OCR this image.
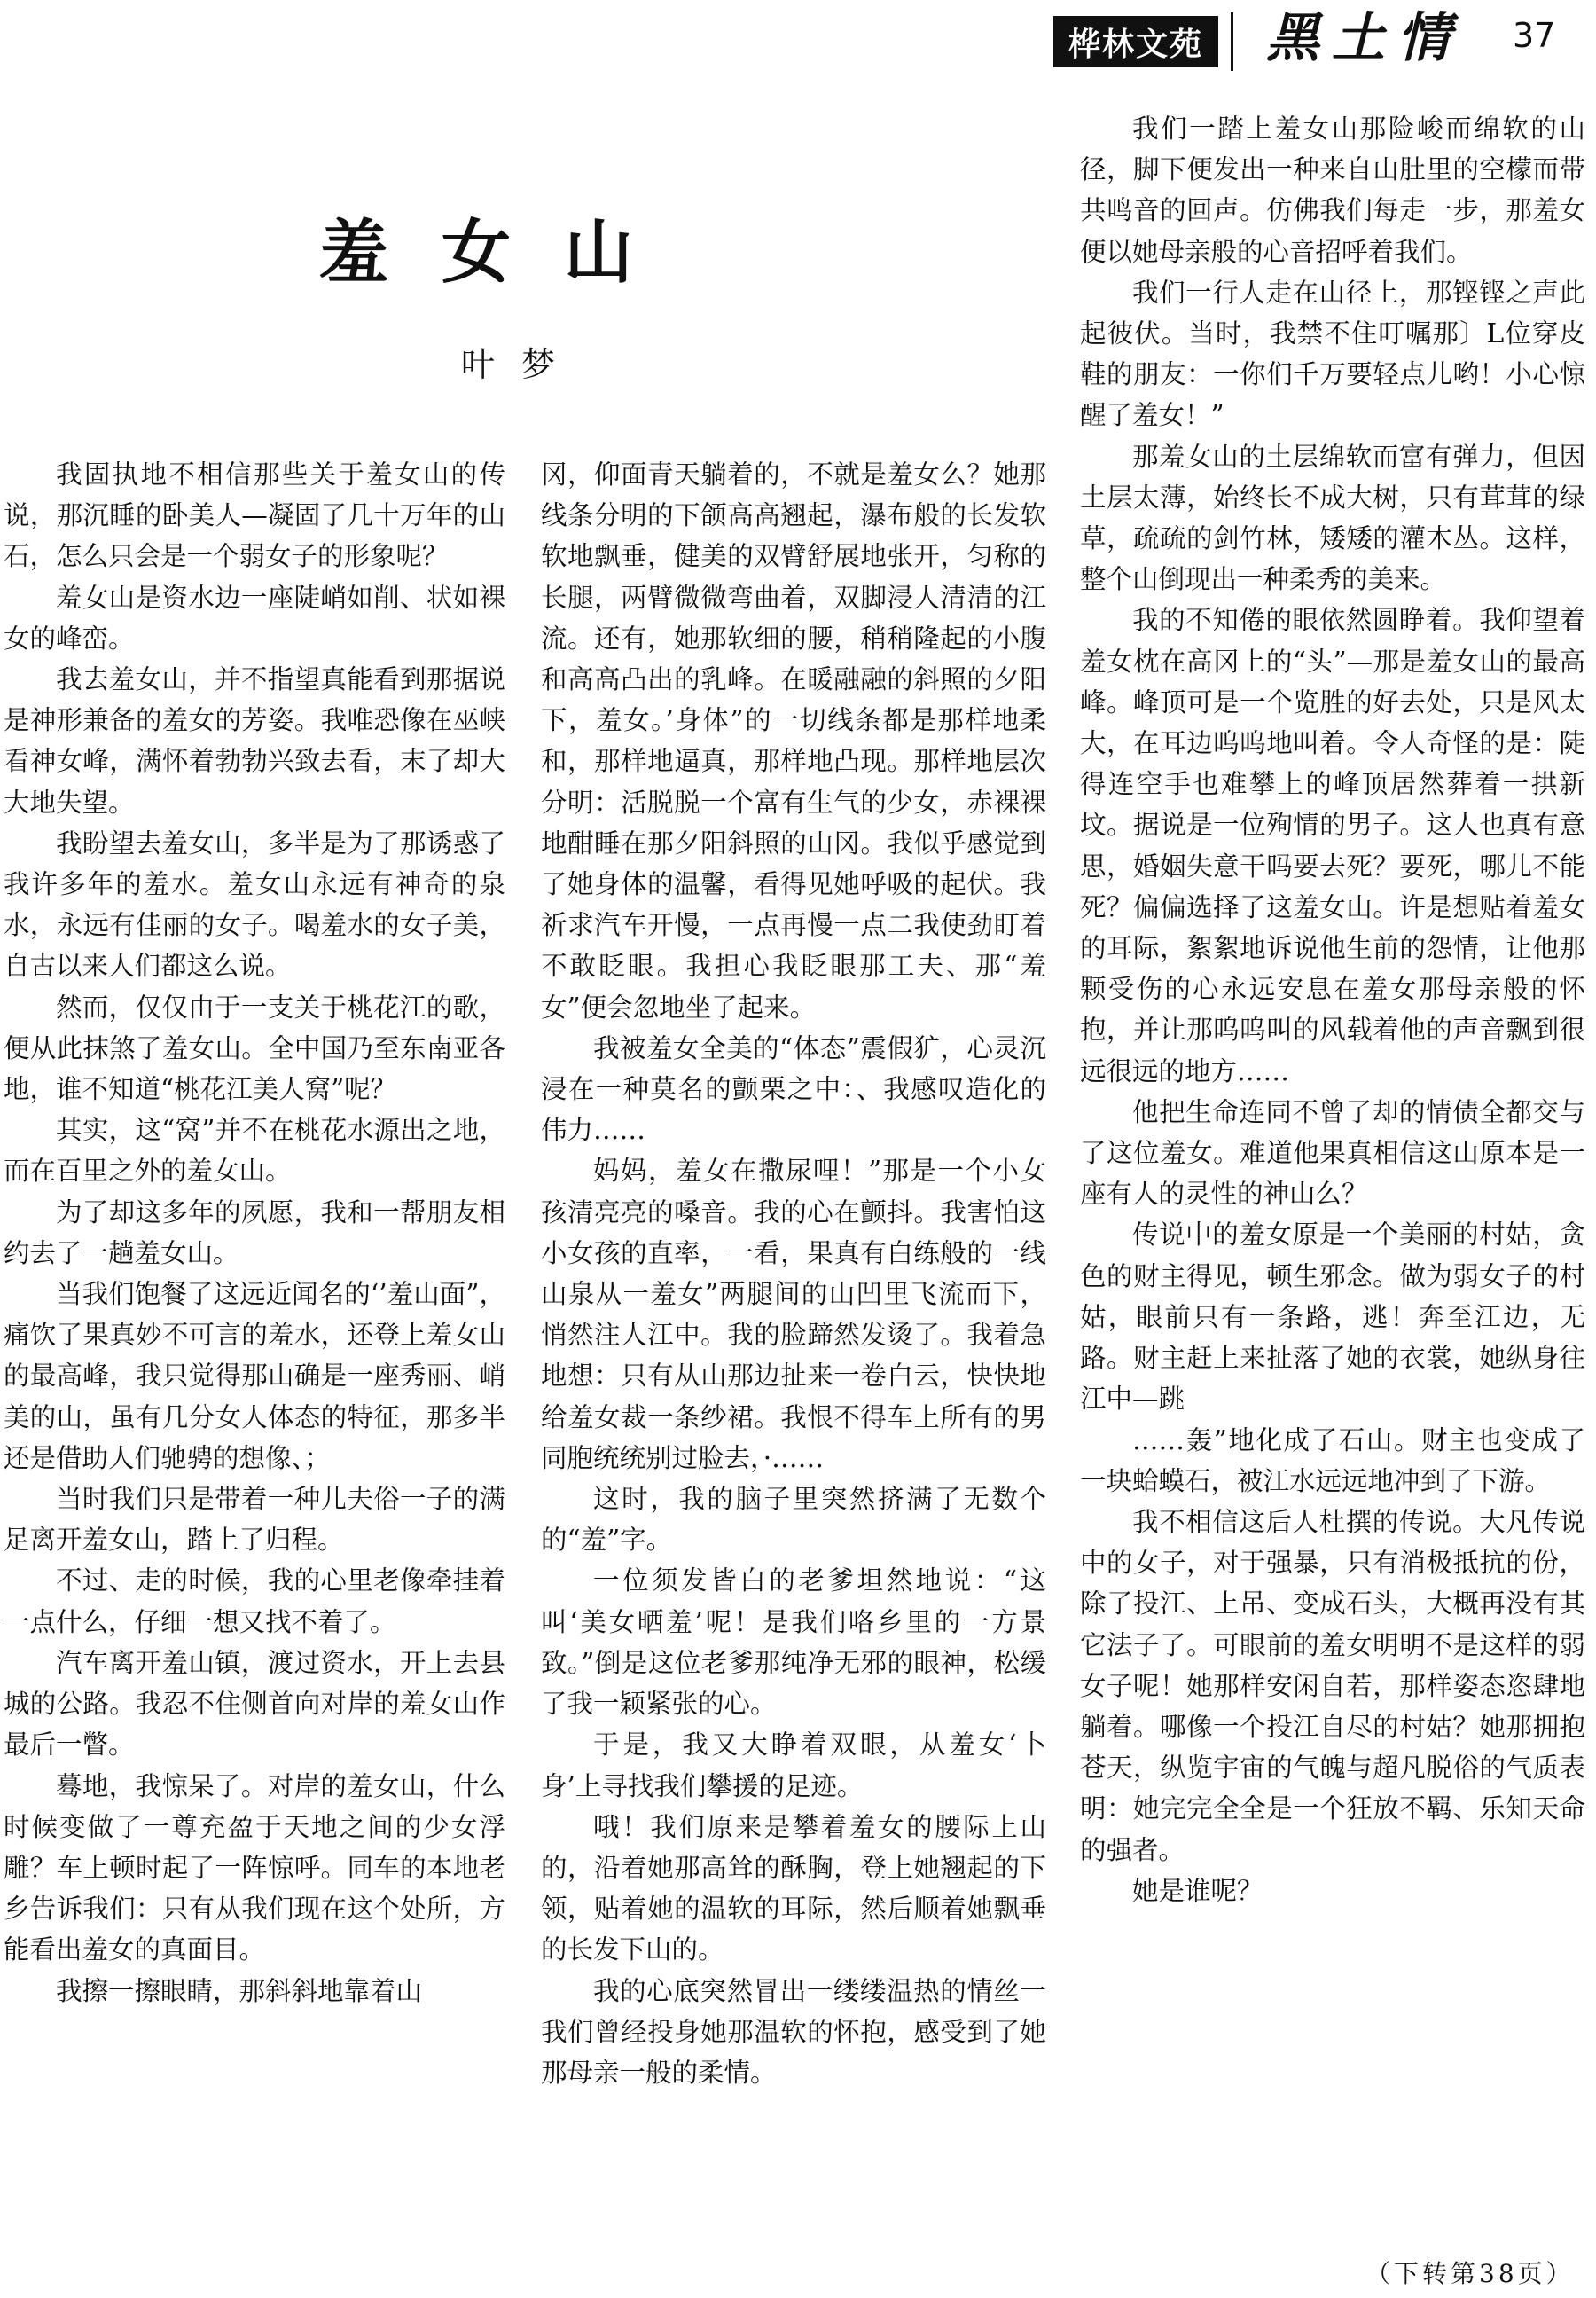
桦林文苑 黑土情	37
羞女山
叶梦

我固执地不相信那些关于羞女山的传说，那沉睡的卧美人—凝固了几十万年的山石，怎么只会是一个弱女子的形象呢？

羞女山是资水边一座陡峭如削、状如裸女的峰峦。

我去羞女山，并不指望真能看到那据说是神形兼备的羞女的芳姿。我唯恐像在巫峡看神女峰，满怀着勃勃兴致去看，末了却大大地失望。

我盼望去羞女山，多半是为了那诱惑了我许多年的羞水。羞女山永远有神奇的泉水，永远有佳丽的女子。喝羞水的女子美，自古以来人们都这么说。

然而，仅仅由于一支关于桃花江的歌，便从此抹煞了羞女山。全中国乃至东南亚各地，谁不知道“桃花江美人窝”呢？

其实，这“窝”并不在桃花水源出之地，而在百里之外的羞女山。

为了却这多年的夙愿，我和一帮朋友相约去了一趟羞女山。

当我们饱餐了这远近闻名的‘’羞山面”，痛饮了果真妙不可言的羞水，还登上羞女山的最高峰，我只觉得那山确是一座秀丽、峭美的山，虽有几分女人体态的特征，那多半还是借助人们驰骋的想像、；

当时我们只是带着一种儿夫俗一子的满足离开羞女山，踏上了归程。

不过、走的时候，我的心里老像牵挂着一点什么，仔细一想又找不着了。

汽车离开羞山镇，渡过资水，开上去县城的公路。我忍不住侧首向对岸的羞女山作最后一瞥。

蓦地，我惊呆了。对岸的羞女山，什么时候变做了一尊充盈于天地之间的少女浮雕？车上顿时起了一阵惊呼。同车的本地老乡告诉我们：只有从我们现在这个处所，方能看出羞女的真面目。

我擦一擦眼睛，那斜斜地靠着山

冈，仰面青天躺着的，不就是羞女么？她那线条分明的下颌高高翘起，瀑布般的长发软软地飘垂，健美的双臂舒展地张开，匀称的长腿，两臂微微弯曲着，双脚浸人清清的江流。还有，她那软细的腰，稍稍隆起的小腹和高高凸出的乳峰。在暖融融的斜照的夕阳下，羞女。’身体”的一切线条都是那样地柔和，那样地逼真，那样地凸现。那样地层次分明：活脱脱一个富有生气的少女，赤裸裸地酣睡在那夕阳斜照的山冈。我似乎感觉到了她身体的温馨，看得见她呼吸的起伏。我祈求汽车开慢，一点再慢一点二我使劲盯着不敢眨眼。我担心我眨眼那工夫、那“羞女”便会忽地坐了起来。

我被羞女全美的“体态”震假犷，心灵沉浸在一种莫名的颤栗之中：、我感叹造化的伟力……

妈妈，羞女在撒尿哩！”那是一个小女孩清亮亮的嗓音。我的心在颤抖。我害怕这小女孩的直率，一看，果真有白练般的一线山泉从一羞女”两腿间的山凹里飞流而下，悄然注人江中。我的脸蹄然发烫了。我着急地想：只有从山那边扯来一卷白云，快快地给羞女裁一条纱裙。我恨不得车上所有的男同胞统统别过脸去，·……

这时，我的脑子里突然挤满了无数个的“羞”字。

一位须发皆白的老爹坦然地说：“这叫‘美女晒羞’呢！是我们咯乡里的一方景致。”倒是这位老爹那纯净无邪的眼神，松缓了我一颖紧张的心。

于是，我又大睁着双眼，从羞女‘卜身’上寻找我们攀援的足迹。

哦！我们原来是攀着羞女的腰际上山的，沿着她那高耸的酥胸，登上她翘起的下领，贴着她的温软的耳际，然后顺着她飘垂的长发下山的。

我的心底突然冒出一缕缕温热的情丝一我们曾经投身她那温软的怀抱，感受到了她那母亲一般的柔情。

我们一踏上羞女山那险峻而绵软的山径，脚下便发出一种来自山肚里的空檬而带共鸣音的回声。仿佛我们每走一步，那羞女便以她母亲般的心音招呼着我们。

我们一行人走在山径上，那铿铿之声此起彼伏。当时，我禁不住叮嘱那〕L位穿皮鞋的朋友：一你们千万要轻点儿哟！小心惊醒了羞女！”

那羞女山的土层绵软而富有弹力，但因土层太薄，始终长不成大树，只有茸茸的绿草，疏疏的剑竹林，矮矮的灌木丛。这样，整个山倒现出一种柔秀的美来。

我的不知倦的眼依然圆睁着。我仰望着羞女枕在高冈上的“头”—那是羞女山的最高峰。峰顶可是一个览胜的好去处，只是风太大，在耳边呜呜地叫着。令人奇怪的是：陡得连空手也难攀上的峰顶居然葬着一拱新坟。据说是一位殉情的男子。这人也真有意思，婚姻失意干吗要去死？要死，哪儿不能死？偏偏选择了这羞女山。许是想贴着羞女的耳际，絮絮地诉说他生前的怨情，让他那颗受伤的心永远安息在羞女那母亲般的怀抱，并让那呜呜叫的风载着他的声音飘到很远很远的地方……

他把生命连同不曾了却的情债全都交与了这位羞女。难道他果真相信这山原本是一座有人的灵性的神山么？

传说中的羞女原是一个美丽的村姑，贪色的财主得见，顿生邪念。做为弱女子的村姑，眼前只有一条路，逃！奔至江边，无路。财主赶上来扯落了她的衣裳，她纵身往江中—跳

……轰”地化成了石山。财主也变成了一块蛤蟆石，被江水远远地冲到了下游。

我不相信这后人杜撰的传说。大凡传说中的女子，对于强暴，只有消极抵抗的份，除了投江、上吊、变成石头，大概再没有其它法子了。可眼前的羞女明明不是这样的弱女子呢！她那样安闲自若，那样姿态恣肆地躺着。哪像一个投江自尽的村姑？她那拥抱苍天，纵览宇宙的气魄与超凡脱俗的气质表明：她完完全全是一个狂放不羁、乐知天命的强者。

她是谁呢？

（下转第38页）
